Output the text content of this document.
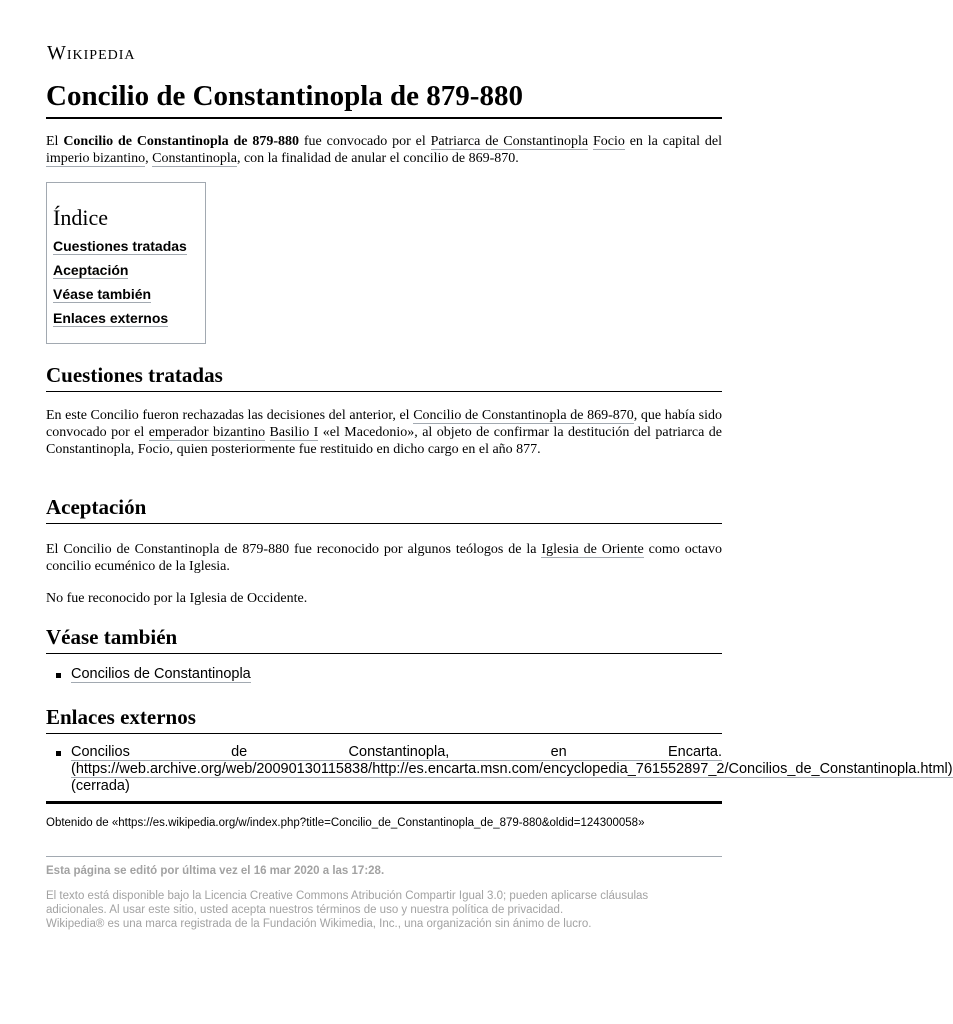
Wikipedia
Concilio de Constantinopla de 879-880

El Concilio de Constantinopla de 879-880 fue convocado por el Patriarca de Constantinopla Focio en la capital del imperio bizantino, Constantinopla, con la finalidad de anular el concilio de 869-870.

Índice
Cuestiones tratadas
Aceptación
Véase también
Enlaces externos
Cuestiones tratadas

En este Concilio fueron rechazadas las decisiones del anterior, el Concilio de Constantinopla de 869-870, que había sido convocado por el emperador bizantino Basilio I «el Macedonio», al objeto de confirmar la destitución del patriarca de Constantinopla, Focio, quien posteriormente fue restituido en dicho cargo en el año 877.

Aceptación

El Concilio de Constantinopla de 879-880 fue reconocido por algunos teólogos de la Iglesia de Oriente como octavo concilio ecuménico de la Iglesia.

No fue reconocido por la Iglesia de Occidente.

Véase también
Concilios de Constantinopla
Enlaces externos
Concilios de Constantinopla, en Encarta. (https://web.archive.org/web/20090130115838/http://es.encarta.msn.com/encyclopedia_761552897_2/Concilios_de_Constantinopla.html) (cerrada)
Obtenido de «https://es.wikipedia.org/w/index.php?title=Concilio_de_Constantinopla_de_879-880&oldid=124300058»
Esta página se editó por última vez el 16 mar 2020 a las 17:28.
El texto está disponible bajo la Licencia Creative Commons Atribución Compartir Igual 3.0; pueden aplicarse cláusulas
adicionales. Al usar este sitio, usted acepta nuestros términos de uso y nuestra política de privacidad.
Wikipedia® es una marca registrada de la Fundación Wikimedia, Inc., una organización sin ánimo de lucro.
